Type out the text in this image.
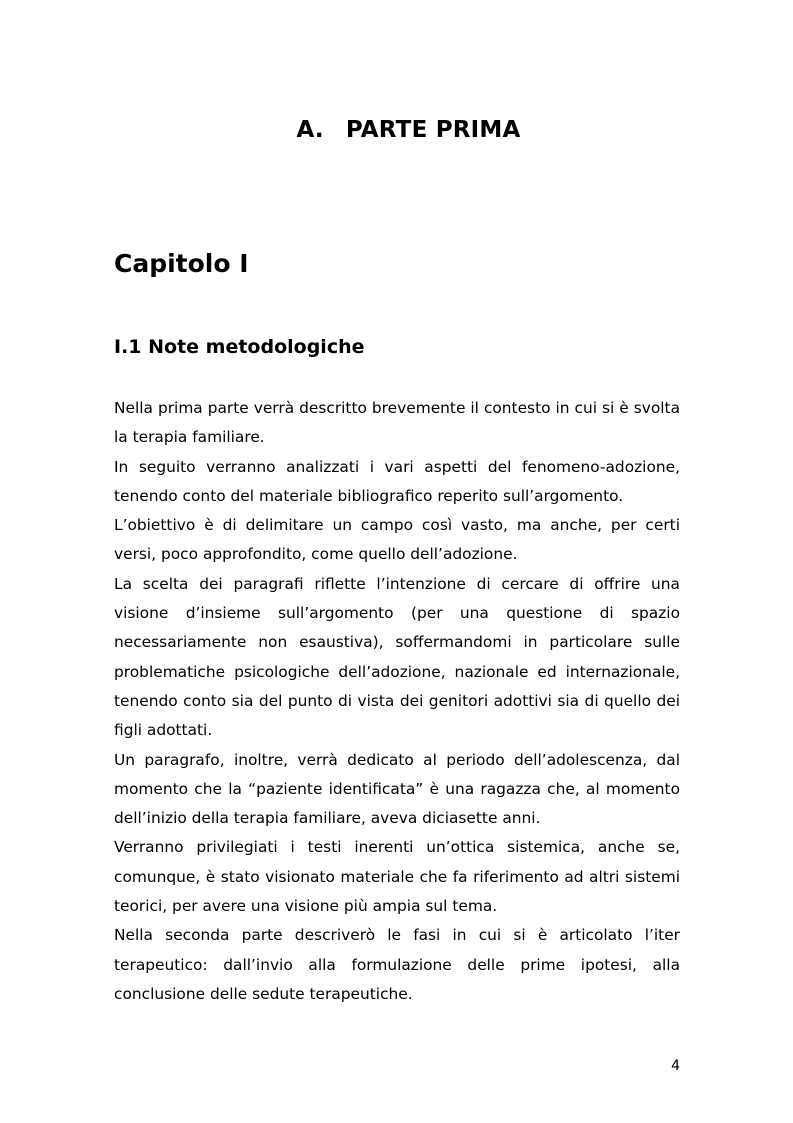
A. PARTE PRIMA
Capitolo I
I.1 Note metodologiche

Nella prima parte verrà descritto brevemente il contesto in cui si è svolta la terapia familiare.

In seguito verranno analizzati i vari aspetti del fenomeno-adozione, tenendo conto del materiale bibliografico reperito sull’argomento.

L’obiettivo è di delimitare un campo così vasto, ma anche, per certi versi, poco approfondito, come quello dell’adozione.

La scelta dei paragrafi riflette l’intenzione di cercare di offrire una visione d’insieme sull’argomento (per una questione di spazio necessariamente non esaustiva), soffermandomi in particolare sulle problematiche psicologiche dell’adozione, nazionale ed internazionale, tenendo conto sia del punto di vista dei genitori adottivi sia di quello dei figli adottati.

Un paragrafo, inoltre, verrà dedicato al periodo dell’adolescenza, dal momento che la “paziente identificata” è una ragazza che, al momento dell’inizio della terapia familiare, aveva diciasette anni.

Verranno privilegiati i testi inerenti un’ottica sistemica, anche se, comunque, è stato visionato materiale che fa riferimento ad altri sistemi teorici, per avere una visione più ampia sul tema.

Nella seconda parte descriverò le fasi in cui si è articolato l’iter terapeutico: dall’invio alla formulazione delle prime ipotesi, alla conclusione delle sedute terapeutiche.

4
